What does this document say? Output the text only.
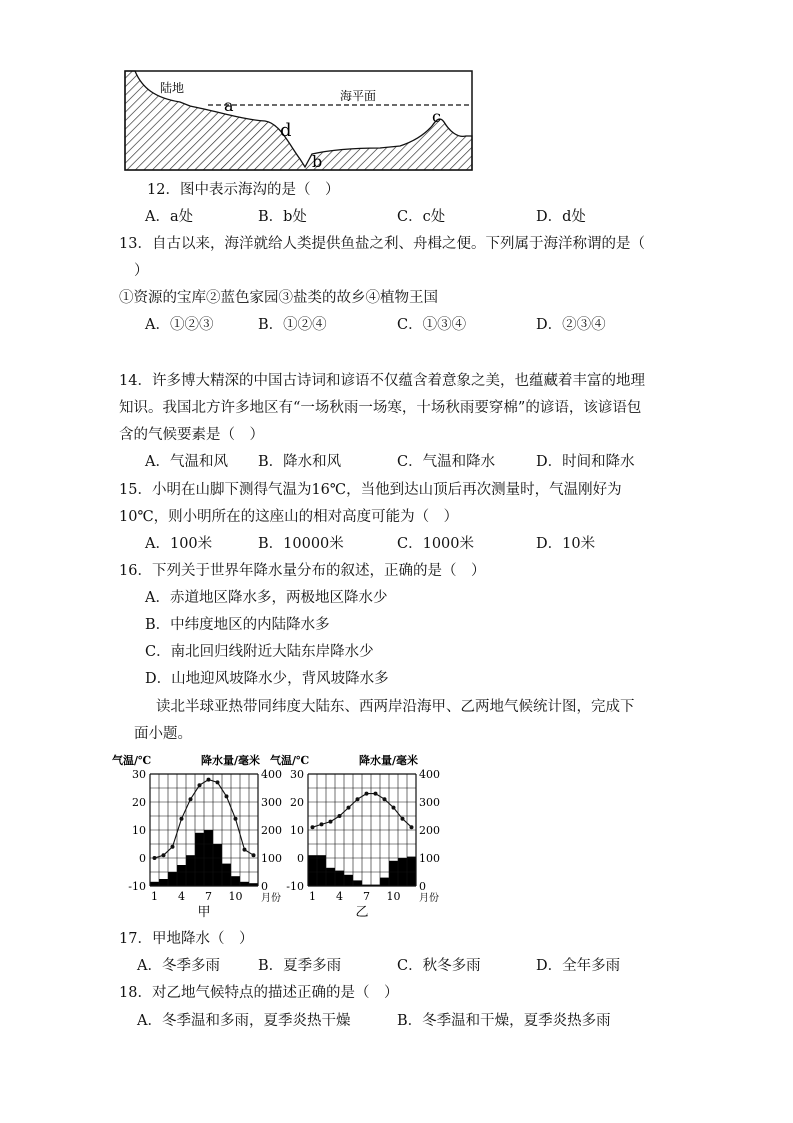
陆地
海平面
a
d
b
c
12．图中表示海沟的是（　）
A．a处	B．b处	C．c处	D．d处
13．自古以来，海洋就给人类提供鱼盐之利、舟楫之便。下列属于海洋称谓的是（
）
①资源的宝库②蓝色家园③盐类的故乡④植物王国
A．①②③	B．①②④	C．①③④	D．②③④
14．许多博大精深的中国古诗词和谚语不仅蕴含着意象之美，也蕴藏着丰富的地理
知识。我国北方许多地区有“一场秋雨一场寒，十场秋雨要穿棉”的谚语，该谚语包
含的气候要素是（　）
A．气温和风 B．降水和风	C．气温和降水	D．时间和降水
15．小明在山脚下测得气温为16℃，当他到达山顶后再次测量时，气温刚好为
10℃，则小明所在的这座山的相对高度可能为（　）
A．100米	B．10000米	C．1000米	D．10米
16．下列关于世界年降水量分布的叙述，正确的是（　）
A．赤道地区降水多，两极地区降水少
B．中纬度地区的内陆降水多
C．南北回归线附近大陆东岸降水少
D．山地迎风坡降水少，背风坡降水多
读北半球亚热带同纬度大陆东、西两岸沿海甲、乙两地气候统计图，完成下
面小题。
气温/℃	降水量/毫米
30
20
10
0
-10
400
300
200
100
0
1 4 7 10 月份
甲
气温/℃	降水量/毫米
30
20
10
0
-10
400
300
200
100
0
1 4 7 10 月份
乙
17．甲地降水（　）
A．冬季多雨	B．夏季多雨	C．秋冬多雨	D．全年多雨
18．对乙地气候特点的描述正确的是（　）
A．冬季温和多雨，夏季炎热干燥	B．冬季温和干燥，夏季炎热多雨
